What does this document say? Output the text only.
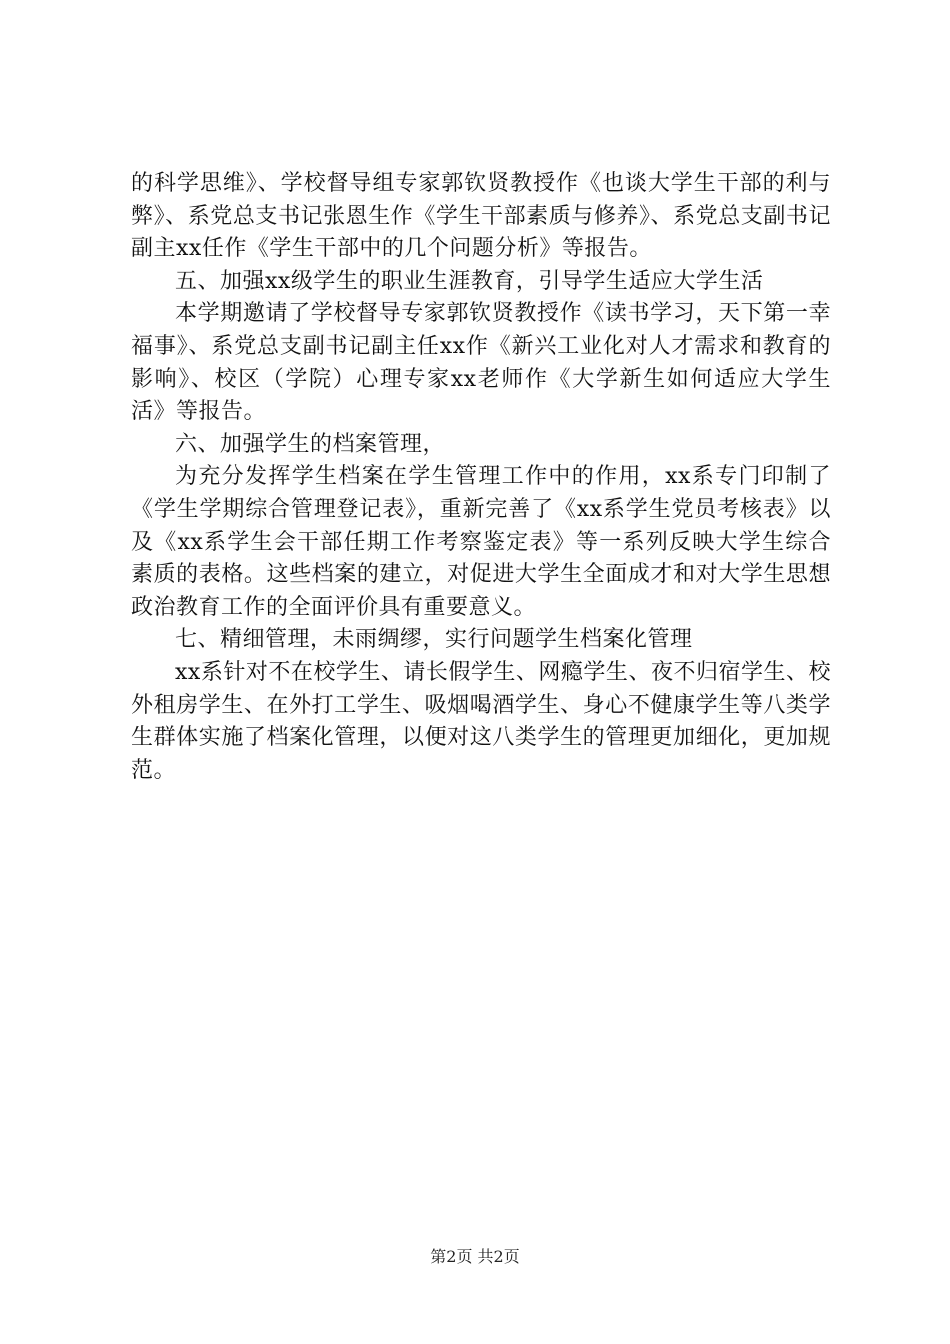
的科学思维》、学校督导组专家郭钦贤教授作《也谈大学生干部的利与弊》、系党总支书记张恩生作《学生干部素质与修养》、系党总支副书记副主xx任作《学生干部中的几个问题分析》等报告。

五、加强xx级学生的职业生涯教育，引导学生适应大学生活

本学期邀请了学校督导专家郭钦贤教授作《读书学习，天下第一幸福事》、系党总支副书记副主任xx作《新兴工业化对人才需求和教育的影响》、校区（学院）心理专家xx老师作《大学新生如何适应大学生活》等报告。

六、加强学生的档案管理，

为充分发挥学生档案在学生管理工作中的作用，xx系专门印制了《学生学期综合管理登记表》，重新完善了《xx系学生党员考核表》以及《xx系学生会干部任期工作考察鉴定表》等一系列反映大学生综合素质的表格。这些档案的建立，对促进大学生全面成才和对大学生思想政治教育工作的全面评价具有重要意义。

七、精细管理，未雨绸缪，实行问题学生档案化管理

xx系针对不在校学生、请长假学生、网瘾学生、夜不归宿学生、校外租房学生、在外打工学生、吸烟喝酒学生、身心不健康学生等八类学生群体实施了档案化管理，以便对这八类学生的管理更加细化，更加规范。

第2页 共2页
